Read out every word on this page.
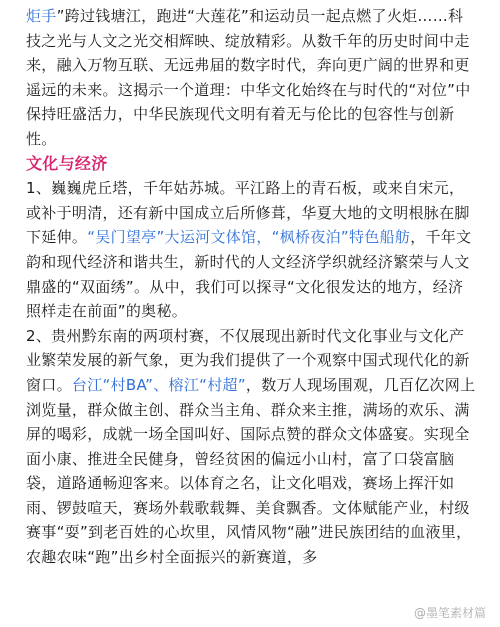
炬手”跨过钱塘江，跑进“大莲花”和运动员一起点燃了火炬……科技之光与人文之光交相辉映、绽放精彩。从数千年的历史时间中走来，融入万物互联、无远弗届的数字时代，奔向更广阔的世界和更遥远的未来。这揭示一个道理：中华文化始终在与时代的“对位”中保持旺盛活力，中华民族现代文明有着无与伦比的包容性与创新性。

文化与经济

1、巍巍虎丘塔，千年姑苏城。平江路上的青石板，或来自宋元，或补于明清，还有新中国成立后所修葺，华夏大地的文明根脉在脚下延伸。“吴门望亭”大运河文体馆，“枫桥夜泊”特色船舫，千年文韵和现代经济和谐共生，新时代的人文经济学织就经济繁荣与人文鼎盛的“双面绣”。从中，我们可以探寻“文化很发达的地方，经济照样走在前面”的奥秘。

2、贵州黔东南的两项村赛，不仅展现出新时代文化事业与文化产业繁荣发展的新气象，更为我们提供了一个观察中国式现代化的新窗口。台江“村BA”、榕江“村超”，数万人现场围观，几百亿次网上浏览量，群众做主创、群众当主角、群众来主推，满场的欢乐、满屏的喝彩，成就一场全国叫好、国际点赞的群众文体盛宴。实现全面小康、推进全民健身，曾经贫困的偏远小山村，富了口袋富脑袋，道路通畅迎客来。以体育之名，让文化唱戏，赛场上挥汗如雨、锣鼓喧天，赛场外载歌载舞、美食飘香。文体赋能产业，村级赛事“耍”到老百姓的心坎里，风情风物“融”进民族团结的血液里，农趣农味“跑”出乡村全面振兴的新赛道，多

@墨笔素材篇
